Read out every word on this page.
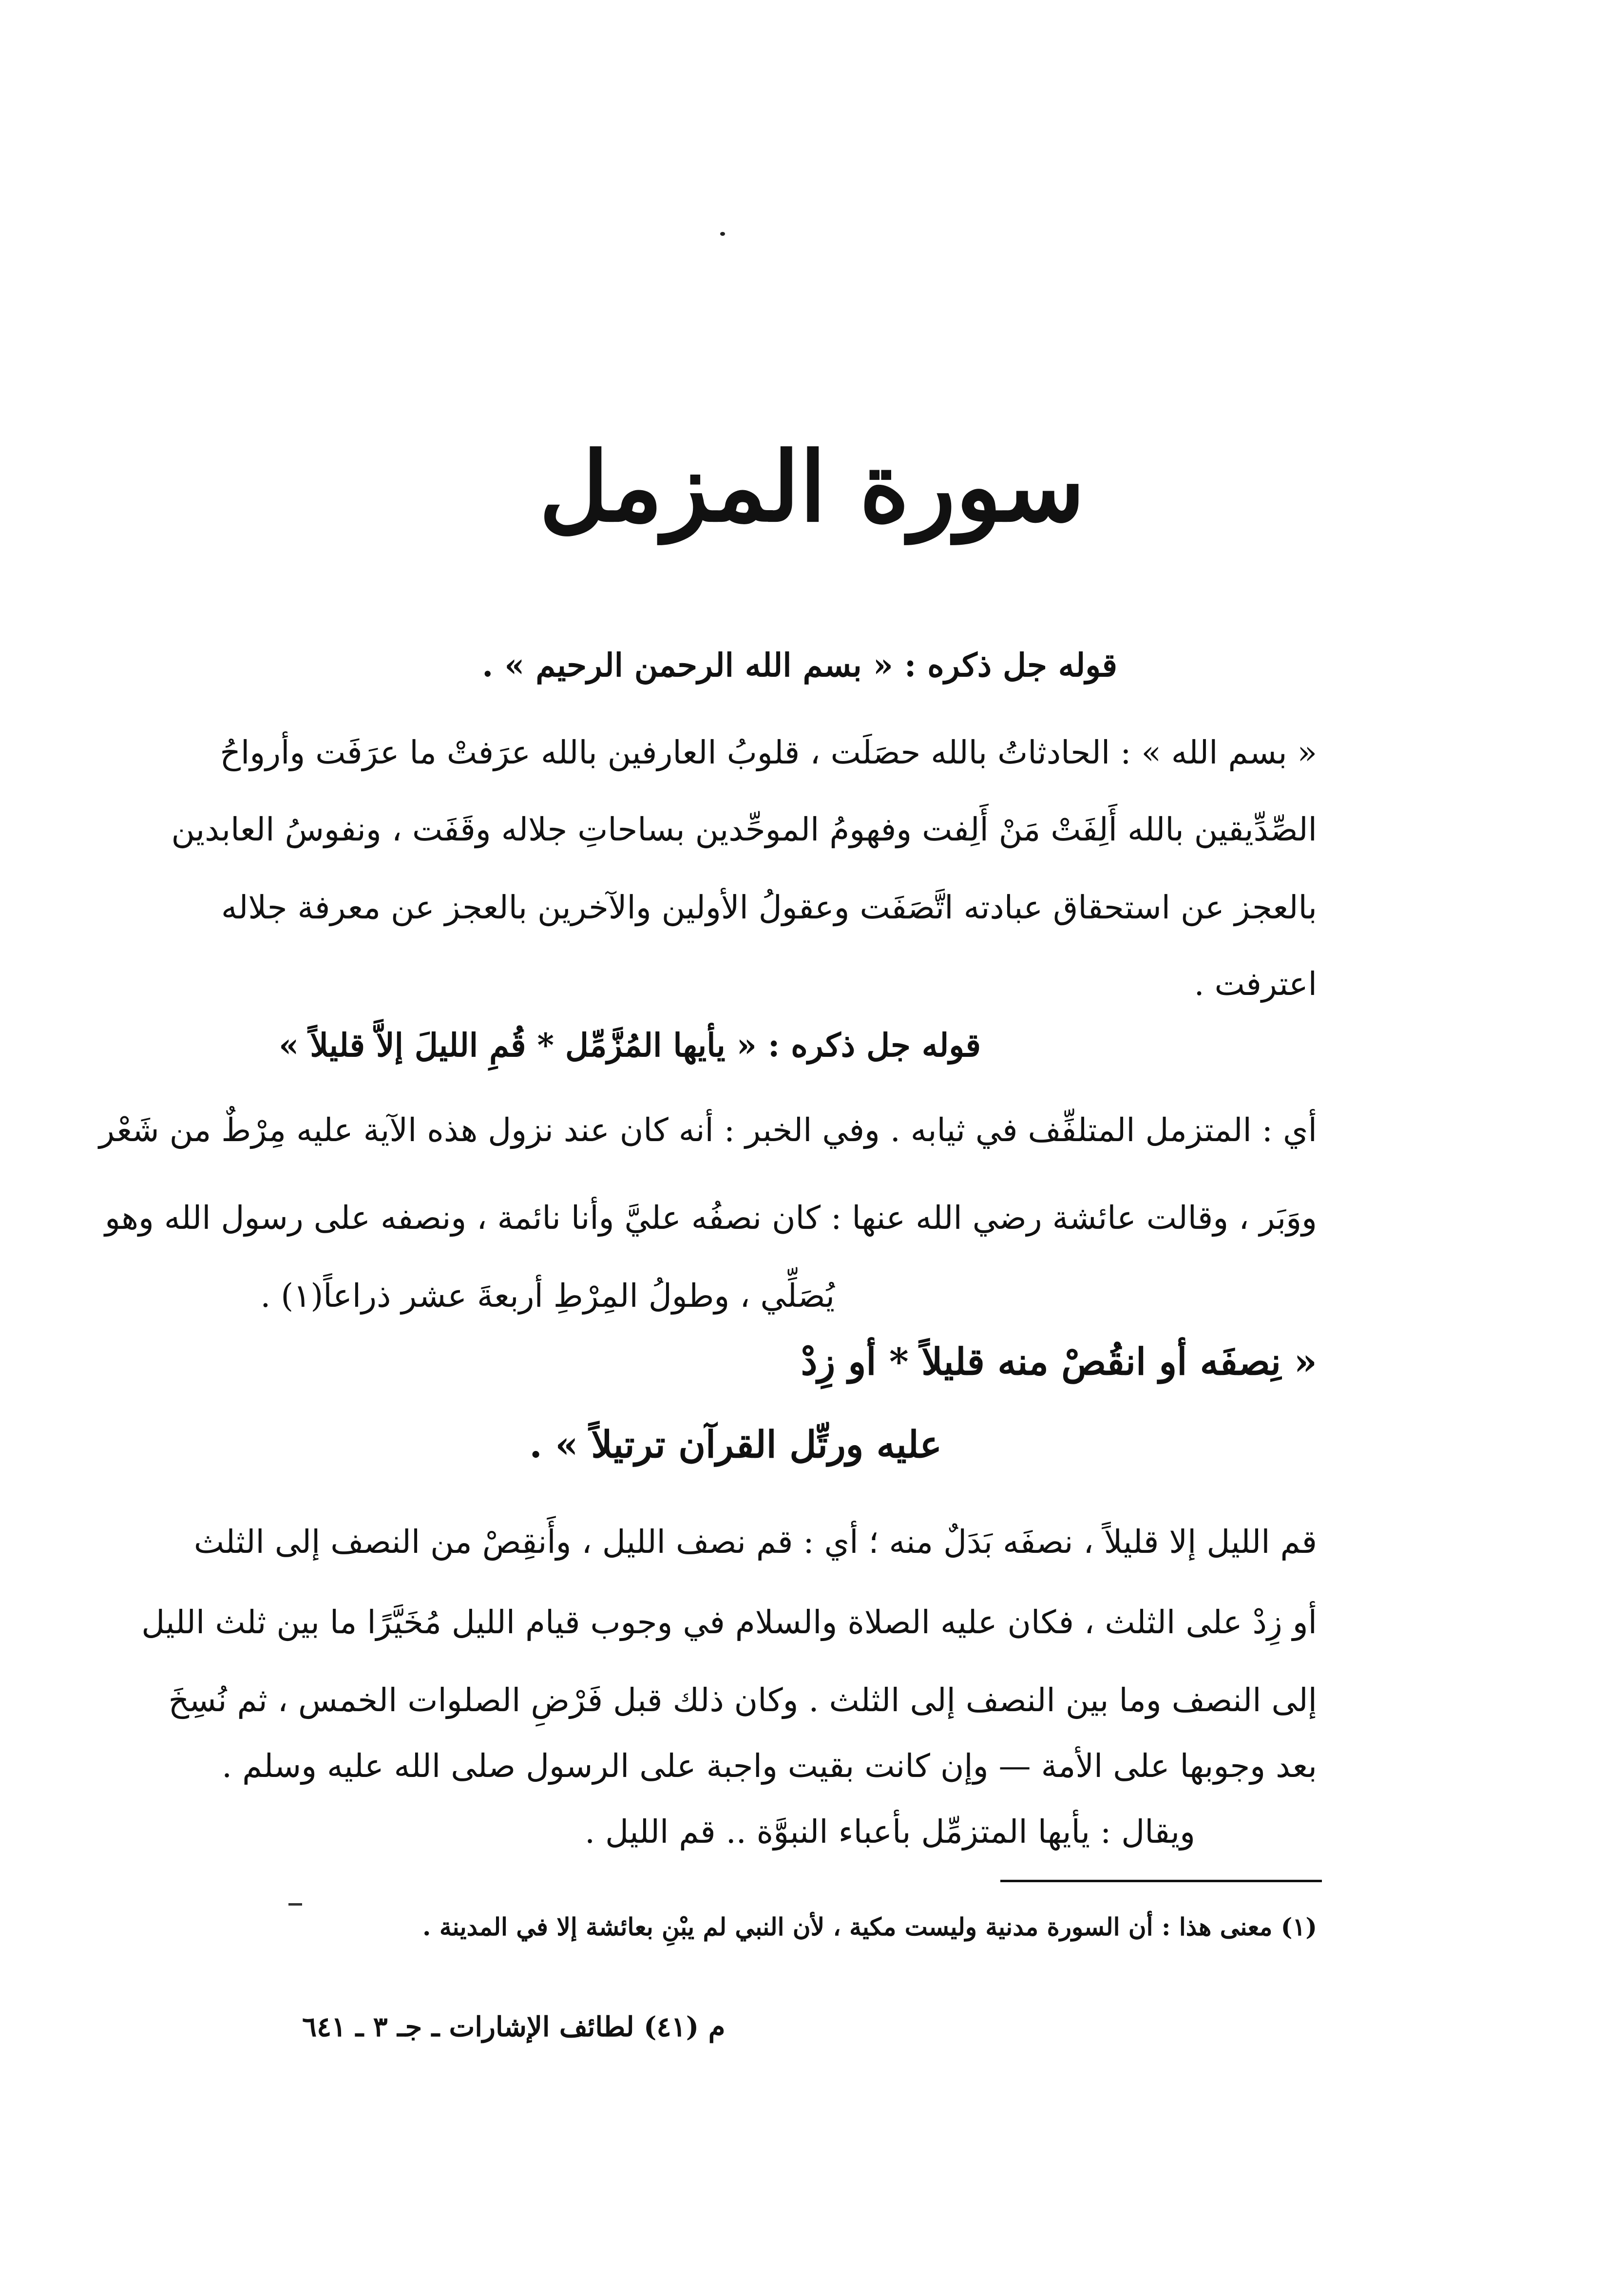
سورة المزمل
قوله جل ذكره : « بسم الله الرحمن الرحيم » .
« بسم الله » : الحادثاتُ بالله حصَلَت ، قلوبُ العارفين بالله عرَفتْ ما عرَفَت وأرواحُ
الصِّدِّيقين بالله أَلِفَتْ مَنْ أَلِفت وفهومُ الموحِّدين بساحاتِ جلاله وقَفَت ، ونفوسُ العابدين
بالعجز عن استحقاق عبادته اتَّصَفَت وعقولُ الأولين والآخرين بالعجز عن معرفة جلاله
اعترفت .
قوله جل ذكره : « يأيها المُزَّمِّل * قُمِ الليلَ إلاَّ قليلاً »
أي : المتزمل المتلفِّف في ثيابه . وفي الخبر : أنه كان عند نزول هذه الآية عليه مِرْطٌ من شَعْر
ووَبَر ، وقالت عائشة رضي الله عنها : كان نصفُه عليَّ وأنا نائمة ، ونصفه على رسول الله وهو
يُصَلِّي ، وطولُ المِرْطِ أربعةَ عشر ذراعاً(١) .
« نِصفَه أو انقُصْ منه قليلاً * أو زِدْ
عليه ورتِّل القرآن ترتيلاً » .
قم الليل إلا قليلاً ، نصفَه بَدَلٌ منه ؛ أي : قم نصف الليل ، وأَنقِصْ من النصف إلى الثلث
أو زِدْ على الثلث ، فكان عليه الصلاة والسلام في وجوب قيام الليل مُخَيَّرًا ما بين ثلث الليل
إلى النصف وما بين النصف إلى الثلث . وكان ذلك قبل فَرْضِ الصلوات الخمس ، ثم نُسِخَ
بعد وجوبها على الأمة — وإن كانت بقيت واجبة على الرسول صلى الله عليه وسلم .
ويقال : يأيها المتزمِّل بأعباء النبوَّة .. قم الليل .
(١) معنى هذا : أن السورة مدنية وليست مكية ، لأن النبي لم يبْنِ بعائشة إلا في المدينة .
م (٤١) لطائف الإشارات ـ جـ ٣ ـ ٦٤١
